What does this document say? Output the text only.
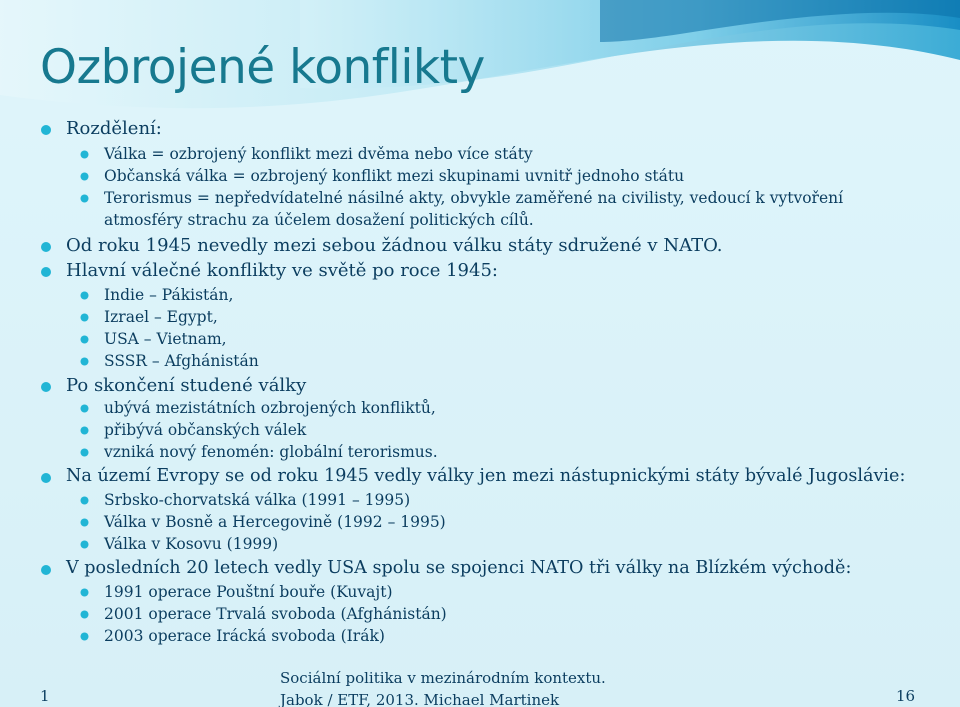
Ozbrojené konflikty
Rozdělení:
Válka = ozbrojený konflikt mezi dvěma nebo více státy
Občanská válka = ozbrojený konflikt mezi skupinami uvnitř jednoho státu
Terorismus = nepředvídatelné násilné akty, obvykle zaměřené na civilisty, vedoucí k vytvoření atmosféry strachu za účelem dosažení politických cílů.
Od roku 1945 nevedly mezi sebou žádnou válku státy sdružené v NATO.
Hlavní válečné konflikty ve světě po roce 1945:
Indie – Pákistán,
Izrael – Egypt,
USA – Vietnam,
SSSR – Afghánistán
Po skončení studené války
ubývá mezistátních ozbrojených konfliktů,
přibývá občanských válek
vzniká nový fenomén: globální terorismus.
Na území Evropy se od roku 1945 vedly války jen mezi nástupnickými státy bývalé Jugoslávie:
Srbsko-chorvatská válka (1991 – 1995)
Válka v Bosně a Hercegovině (1992 – 1995)
Válka v Kosovu (1999)
V posledních 20 letech vedly USA spolu se spojenci NATO tři války na Blízkém východě:
1991 operace Pouštní bouře (Kuvajt)
2001 operace Trvalá svoboda (Afghánistán)
2003 operace Irácká svoboda (Irák)
1
Sociální politika v mezinárodním kontextu.
Jabok / ETF, 2013. Michael Martinek	16
